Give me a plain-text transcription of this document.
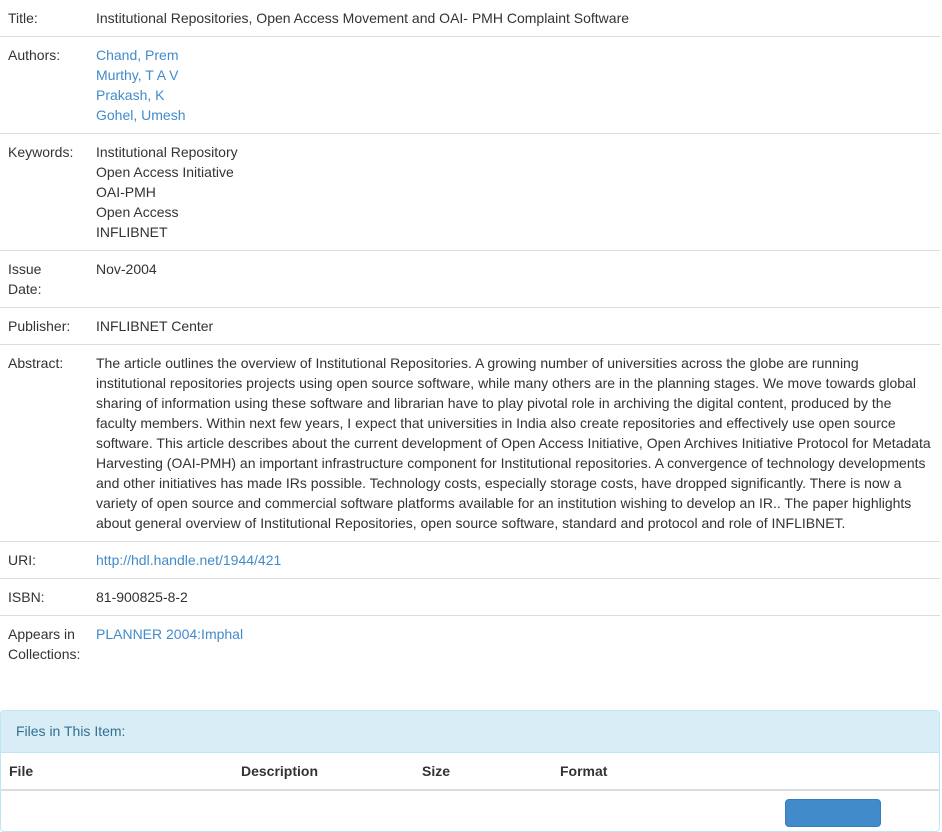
Title:	Institutional Repositories, Open Access Movement and OAI- PMH Complaint Software
Authors:	Chand, Prem
Murthy, T A V
Prakash, K
Gohel, Umesh

Keywords:	Institutional Repository
Open Access Initiative
OAI-PMH
Open Access
INFLIBNET

Issue
Date:	Nov-2004
Publisher:	INFLIBNET Center
Abstract:	The article outlines the overview of Institutional Repositories. A growing number of universities across the globe are running institutional repositories projects using open source software, while many others are in the planning stages. We move towards global sharing of information using these software and librarian have to play pivotal role in archiving the digital content, produced by the faculty members. Within next few years, I expect that universities in India also create repositories and effectively use open source software. This article describes about the current development of Open Access Initiative, Open Archives Initiative Protocol for Metadata Harvesting (OAI-PMH) an important infrastructure component for Institutional repositories. A convergence of technology developments and other initiatives has made IRs possible. Technology costs, especially storage costs, have dropped significantly. There is now a variety of open source and commercial software platforms available for an institution wishing to develop an IR.. The paper highlights about general overview of Institutional Repositories, open source software, standard and protocol and role of INFLIBNET.
URI:	http://hdl.handle.net/1944/421
ISBN:	81-900825-8-2

Appears in
Collections:	PLANNER 2004:Imphal
Files in This Item:
File	Description	Size	Format	
